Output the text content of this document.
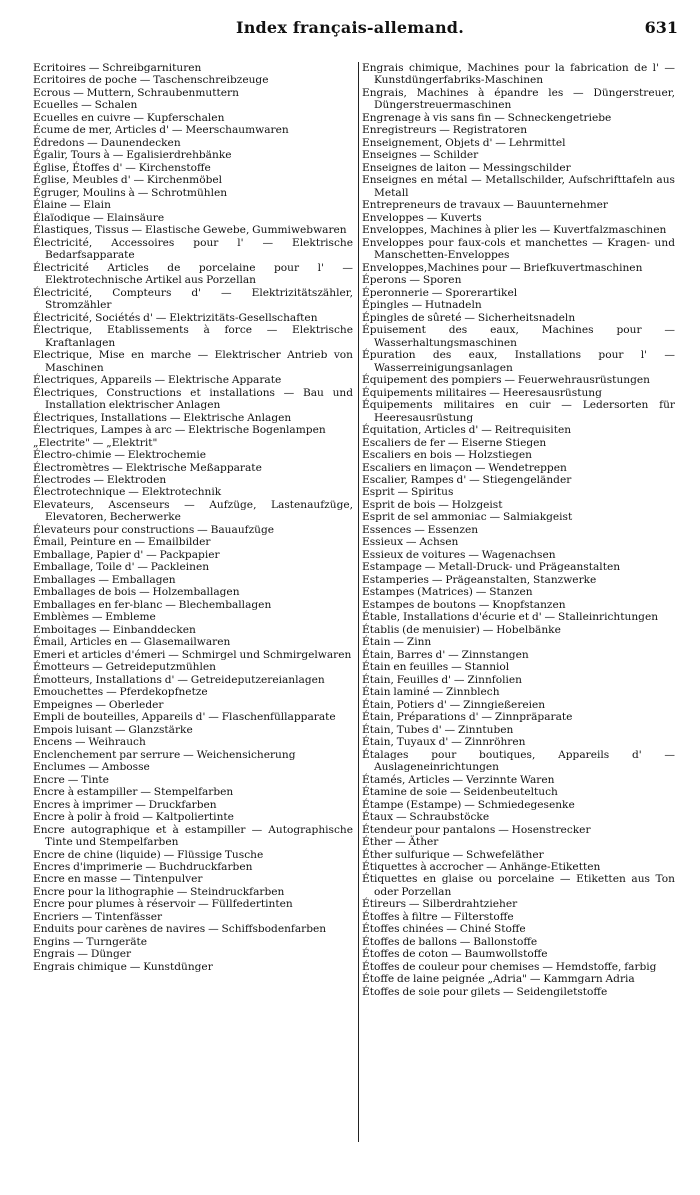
Index français-allemand.	631
Ecritoires — Schreibgarnituren
Ecritoires de poche — Taschenschreibzeuge
Ecrous — Muttern, Schraubenmuttern
Ecuelles — Schalen
Ecuelles en cuivre — Kupferschalen
Écume de mer, Articles d' — Meerschaumwaren
Édredons — Daunendecken
Égalir, Tours à — Egalisierdrehbänke
Église, Étoffes d' — Kirchenstoffe
Église, Meubles d' — Kirchenmöbel
Égruger, Moulins à — Schrotmühlen
Élaine — Elain
Élaïodique — Elainsäure
Élastiques, Tissus — Elastische Gewebe, Gummiwebwaren
Électricité, Accessoires pour l' — Elektrische Bedarfsapparate
Électricité Articles de porcelaine pour l' — Elektrotechnische Artikel aus Porzellan
Électricité, Compteurs d' — Elektrizitätszähler, Stromzähler
Électricité, Sociétés d' — Elektrizitäts-Gesellschaften
Électrique, Etablissements à force — Elektrische Kraftanlagen
Electrique, Mise en marche — Elektrischer Antrieb von Maschinen
Électriques, Appareils — Elektrische Apparate
Électriques, Constructions et installations — Bau und Installation elektrischer Anlagen
Électriques, Installations — Elektrische Anlagen
Électriques, Lampes à arc — Elektrische Bogenlampen
„Electrite" — „Elektrit"
Électro-chimie — Elektrochemie
Électromètres — Elektrische Meßapparate
Électrodes — Elektroden
Électrotechnique — Elektrotechnik
Elevateurs, Ascenseurs — Aufzüge, Lastenaufzüge, Elevatoren, Becherwerke
Élevateurs pour constructions — Bauaufzüge
Émail, Peinture en — Emailbilder
Emballage, Papier d' — Packpapier
Emballage, Toile d' — Packleinen
Emballages — Emballagen
Emballages de bois — Holzemballagen
Emballages en fer-blanc — Blechemballagen
Emblèmes — Embleme
Emboitages — Einbanddecken
Émail, Articles en — Glasemailwaren
Emeri et articles d'émeri — Schmirgel und Schmirgelwaren
Émotteurs — Getreideputzmühlen
Émotteurs, Installations d' — Getreideputzereianlagen
Emouchettes — Pferdekopfnetze
Empeignes — Oberleder
Empli de bouteilles, Appareils d' — Flaschenfüllapparate
Empois luisant — Glanzstärke
Encens — Weihrauch
Enclenchement par serrure — Weichensicherung
Enclumes — Ambosse
Encre — Tinte
Encre à estampiller — Stempelfarben
Encres à imprimer — Druckfarben
Encre à polir à froid — Kaltpoliertinte
Encre autographique et à estampiller — Autographische Tinte und Stempelfarben
Encre de chine (liquide) — Flüssige Tusche
Encres d'imprimerie — Buchdruckfarben
Encre en masse — Tintenpulver
Encre pour la lithographie — Steindruckfarben
Encre pour plumes à réservoir — Füllfedertinten
Encriers — Tintenfässer
Enduits pour carènes de navires — Schiffsbodenfarben
Engins — Turngeräte
Engrais — Dünger
Engrais chimique — Kunstdünger
Engrais chimique, Machines pour la fabrication de l' — Kunstdüngerfabriks-Maschinen
Engrais, Machines à épandre les — Düngerstreuer, Düngerstreuermaschinen
Engrenage à vis sans fin — Schneckengetriebe
Enregistreurs — Registratoren
Enseignement, Objets d' — Lehrmittel
Enseignes — Schilder
Enseignes de laiton — Messingschilder
Enseignes en métal — Metallschilder, Aufschrifttafeln aus Metall
Entrepreneurs de travaux — Bauunternehmer
Enveloppes — Kuverts
Enveloppes, Machines à plier les — Kuvertfalzmaschinen
Enveloppes pour faux-cols et manchettes — Kragen- und Manschetten-Enveloppes
Enveloppes,Machines pour — Briefkuvertmaschinen
Éperons — Sporen
Éperonnerie — Sporerartikel
Épingles — Hutnadeln
Épingles de sûreté — Sicherheitsnadeln
Épuisement des eaux, Machines pour — Wasserhaltungsmaschinen
Épuration des eaux, Installations pour l' — Wasserreinigungsanlagen
Équipement des pompiers — Feuerwehrausrüstungen
Équipements militaires — Heeresausrüstung
Équipements militaires en cuir — Ledersorten für Heeresausrüstung
Équitation, Articles d' — Reitrequisiten
Escaliers de fer — Eiserne Stiegen
Escaliers en bois — Holzstiegen
Escaliers en limaçon — Wendetreppen
Escalier, Rampes d' — Stiegengeländer
Esprit — Spiritus
Esprit de bois — Holzgeist
Esprit de sel ammoniac — Salmiakgeist
Essences — Essenzen
Essieux — Achsen
Essieux de voitures — Wagenachsen
Estampage — Metall-Druck- und Prägeanstalten
Estamperies — Prägeanstalten, Stanzwerke
Estampes (Matrices) — Stanzen
Estampes de boutons — Knopfstanzen
Étable, Installations d'écurie et d' — Stalleinrichtungen
Établis (de menuisier) — Hobelbänke
Étain — Zinn
Étain, Barres d' — Zinnstangen
Étain en feuilles — Stanniol
Étain, Feuilles d' — Zinnfolien
Étain laminé — Zinnblech
Étain, Potiers d' — Zinngießereien
Étain, Préparations d' — Zinnpräparate
Étain, Tubes d' — Zinntuben
Étain, Tuyaux d' — Zinnröhren
Étalages pour boutiques, Appareils d' — Auslageneinrichtungen
Étamés, Articles — Verzinnte Waren
Étamine de soie — Seidenbeuteltuch
Étampe (Estampe) — Schmiedegesenke
Étaux — Schraubstöcke
Étendeur pour pantalons — Hosenstrecker
Éther — Äther
Éther sulfurique — Schwefeläther
Étiquettes à accrocher — Anhänge-Etiketten
Étiquettes en glaise ou porcelaine — Etiketten aus Ton oder Porzellan
Étireurs — Silberdrahtzieher
Étoffes à filtre — Filterstoffe
Étoffes chinées — Chiné Stoffe
Étoffes de ballons — Ballonstoffe
Étoffes de coton — Baumwollstoffe
Étoffes de couleur pour chemises — Hemdstoffe, farbig
Étoffe de laine peignée „Adria" — Kammgarn Adria
Étoffes de soie pour gilets — Seidengiletstoffe
